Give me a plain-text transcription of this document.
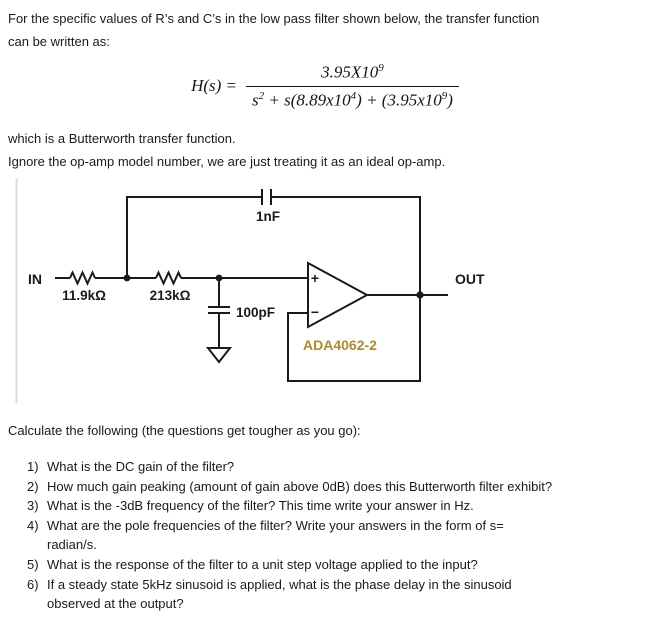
For the specific values of R’s and C’s in the low pass filter shown below, the transfer function
can be written as:
$H(s) = \frac{3.95X10^9}{s^2 + s(8.89x10^4) + (3.95x10^9)}$
which is a Butterworth transfer function.
Ignore the op-amp model number, we are just treating it as an ideal op-amp.
IN	OUT
11.9kΩ	213kΩ
1nF
100pF
+
−
ADA4062-2
Calculate the following (the questions get tougher as you go):
1) What is the DC gain of the filter?
2) How much gain peaking (amount of gain above 0dB) does this Butterworth filter exhibit?
3) What is the -3dB frequency of the filter? This time write your answer in Hz.
4) What are the pole frequencies of the filter? Write your answers in the form of s=
radian/s.
5) What is the response of the filter to a unit step voltage applied to the input?
6) If a steady state 5kHz sinusoid is applied, what is the phase delay in the sinusoid
observed at the output?
